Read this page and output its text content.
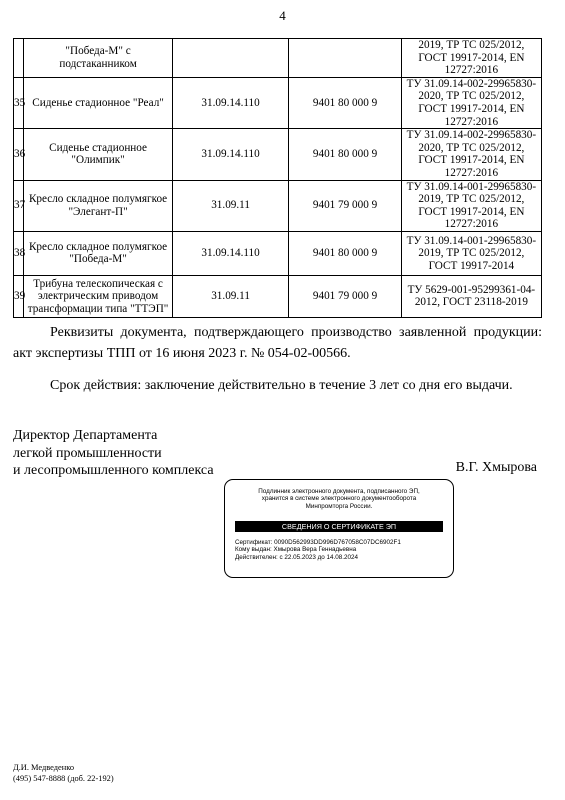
4
	"Победа-М" с подстаканником			2019, ТР ТС 025/2012, ГОСТ 19917-2014, EN 12727:2016
35	Сиденье стадионное "Реал"	31.09.14.110	9401 80 000 9	ТУ 31.09.14-002-29965830-2020, ТР ТС 025/2012, ГОСТ 19917-2014, EN 12727:2016
36	Сиденье стадионное "Олимпик"	31.09.14.110	9401 80 000 9	ТУ 31.09.14-002-29965830-2020, ТР ТС 025/2012, ГОСТ 19917-2014, EN 12727:2016
37	Кресло складное полумягкое "Элегант-П"	31.09.11	9401 79 000 9	ТУ 31.09.14-001-29965830-2019, ТР ТС 025/2012, ГОСТ 19917-2014, EN 12727:2016
38	Кресло складное полумягкое "Победа-М"	31.09.14.110	9401 80 000 9	ТУ 31.09.14-001-29965830-2019, ТР ТС 025/2012, ГОСТ 19917-2014
39	Трибуна телескопическая с электрическим приводом трансформации типа "ТТЭП"	31.09.11	9401 79 000 9	ТУ 5629-001-95299361-04-2012, ГОСТ 23118-2019
Реквизиты документа, подтверждающего производство заявленной продукции: акт экспертизы ТПП от 16 июня 2023 г. № 054-02-00566.
Срок действия: заключение действительно в течение 3 лет со дня его выдачи.
Директор Департамента
легкой промышленности
и лесопромышленного комплекса	В.Г. Хмырова
Подлинник электронного документа, подписанного ЭП,
хранится в системе электронного документооборота
Минпромторга России.
СВЕДЕНИЯ О СЕРТИФИКАТЕ ЭП
Сертификат: 0090D562993DD996D767058C07DC6902F1
Кому выдан: Хмырова Вера Геннадьевна
Действителен: с 22.05.2023 до 14.08.2024
Д.И. Медведенко
(495) 547-8888 (доб. 22-192)
